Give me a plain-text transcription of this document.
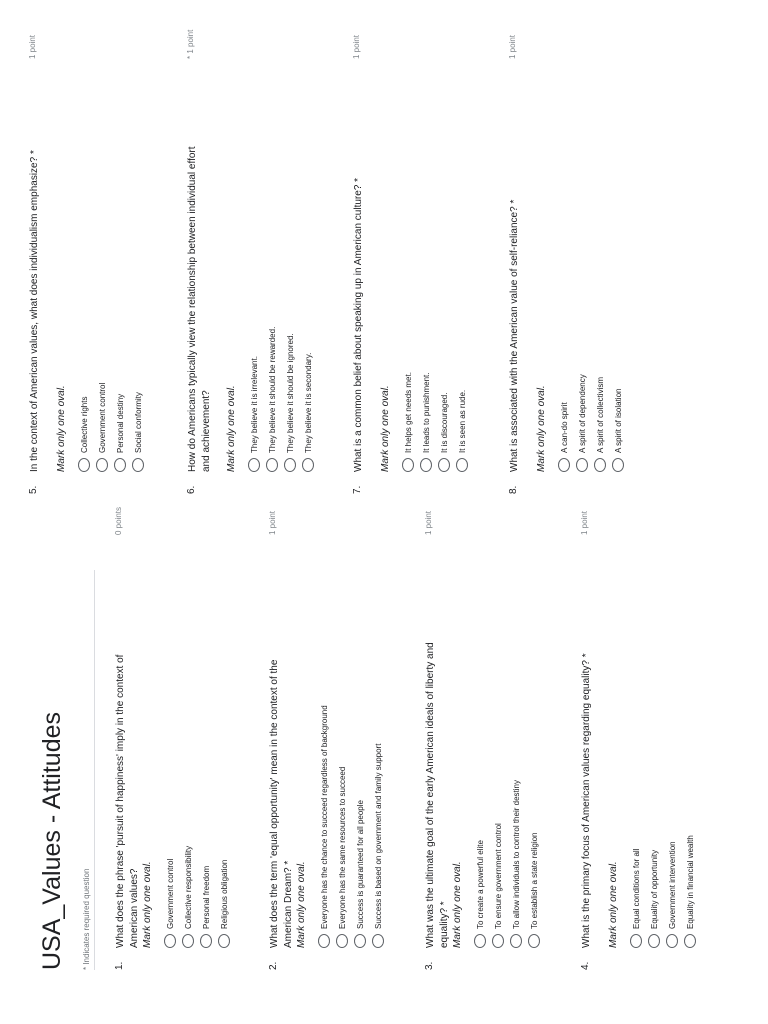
USA_Values - Attitudes * Indicates required question 1.
What does the phrase 'pursuit of happiness' imply in the context of American values?
0 points
Mark only one oval. Government control Collective responsibility Personal freedom Religious obligation
2.
What does the term 'equal opportunity' mean in the context of the American Dream? *
1 point
Mark only one oval. Everyone has the chance to succeed regardless of background Everyone has the same resources to succeed Success is guaranteed for all people Success is based on government and family support
3.
What was the ultimate goal of the early American ideals of liberty and equality? *
1 point
Mark only one oval. To create a powerful elite To ensure government control To allow individuals to control their destiny To establish a state religion
4.
What is the primary focus of American values regarding equality? *
1 point
Mark only one oval. Equal conditions for all Equality of opportunity Government intervention Equality in financial wealth
5.
In the context of American values, what does individualism emphasize? *
1 point
Mark only one oval. Collective rights Government control Personal destiny Social conformity
6.
How do Americans typically view the relationship between individual effort and achievement?
* 1 point
Mark only one oval. They believe it is irrelevant. They believe it should be rewarded. They believe it should be ignored. They believe it is secondary.
7.
What is a common belief about speaking up in American culture? *
1 point
Mark only one oval. It helps get needs met. It leads to punishment. It is discouraged. It is seen as rude.
8.
What is associated with the American value of self-reliance? *
1 point
Mark only one oval. A can-do spirit A spirit of dependency A spirit of collectivism A spirit of isolation
